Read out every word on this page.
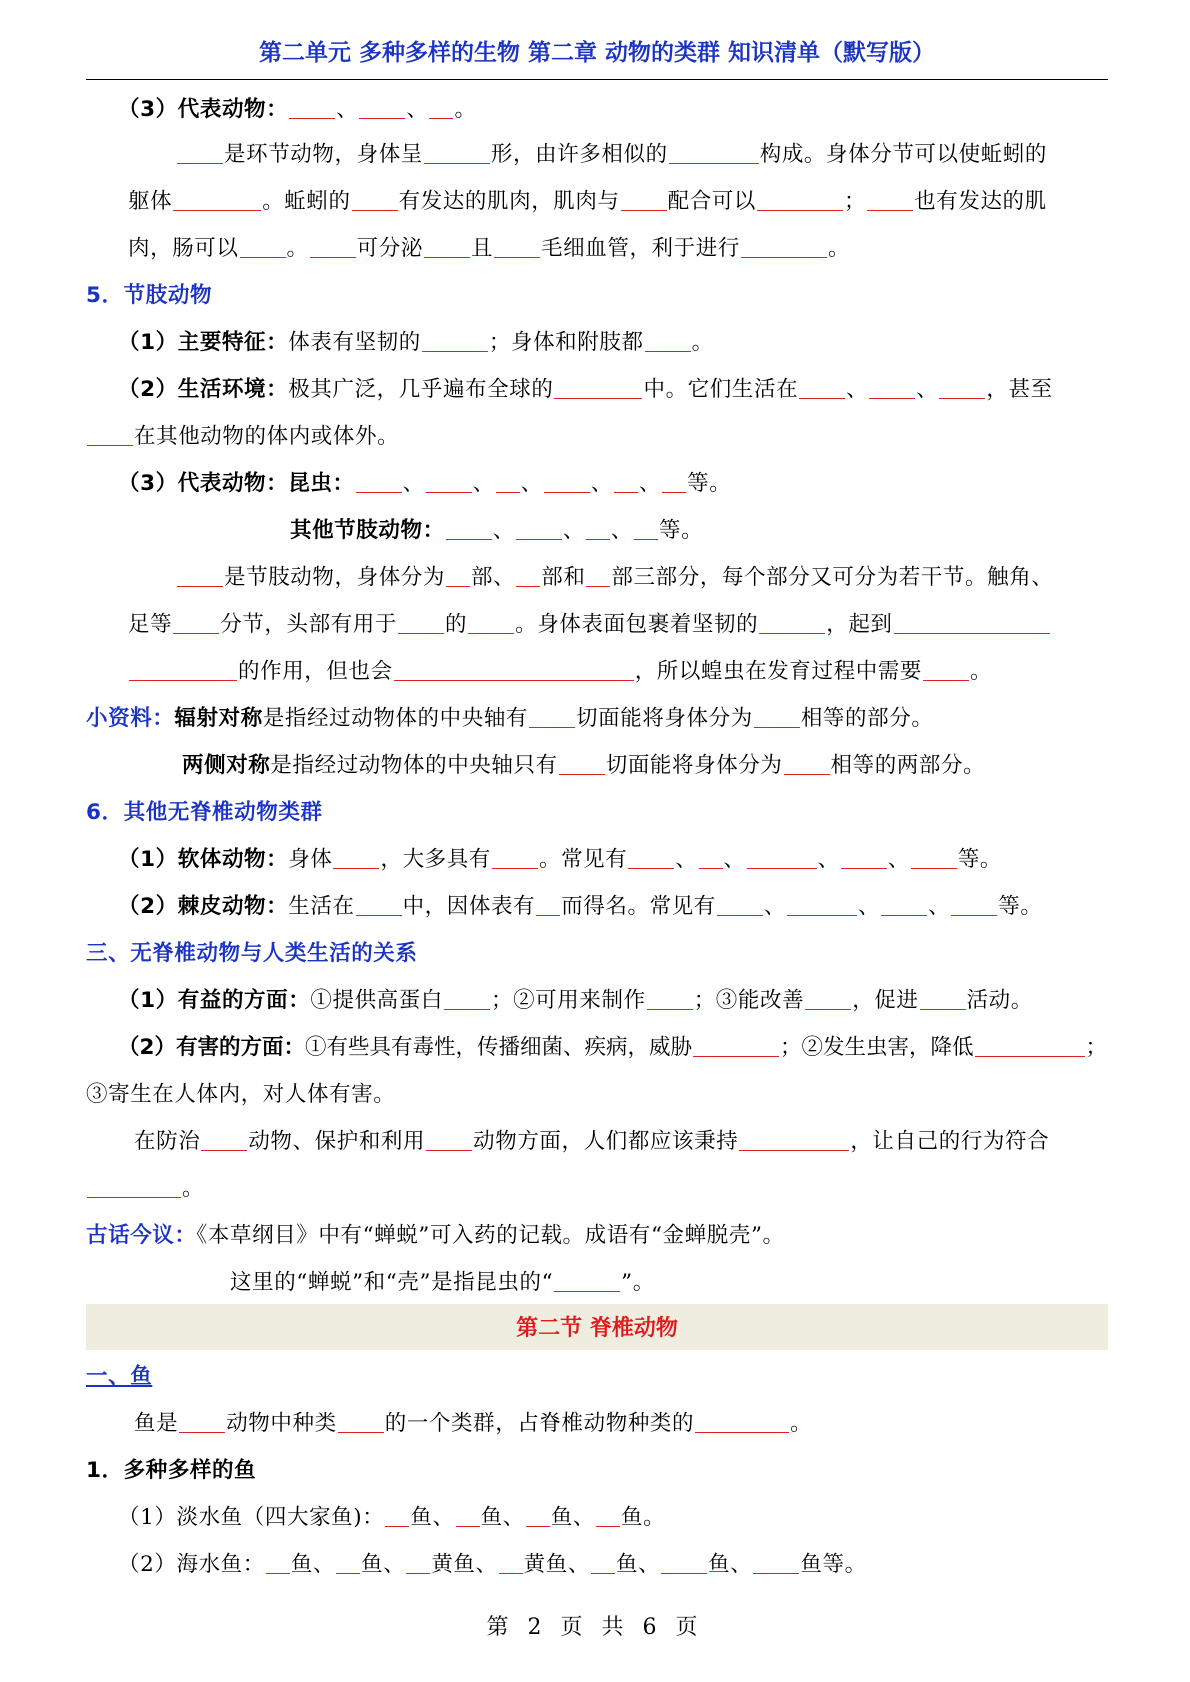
第二单元 多种多样的生物 第二章 动物的类群 知识清单（默写版）
（3）代表动物： 、 、 。
是环节动物，身体呈	形，由许多相似的	构成。身体分节可以使蚯蚓的
躯体	。蚯蚓的 有发达的肌肉，肌肉与 配合可以	； 也有发达的肌
肉，肠可以 。 可分泌 且 毛细血管，利于进行	。
5．节肢动物
（1）主要特征：体表有坚韧的	；身体和附肢都 。
（2）生活环境：极其广泛，几乎遍布全球的	中。它们生活在 、 、 ，甚至
在其他动物的体内或体外。
（3）代表动物：昆虫： 、 、 、 、 、 等。
其他节肢动物： 、 、 、 等。
是节肢动物，身体分为 部、 部和 部三部分，每个部分又可分为若干节。触角、
足等 分节，头部有用于 的 。身体表面包裹着坚韧的	，起到
的作用，但也会	，所以蝗虫在发育过程中需要 。
小资料：辐射对称是指经过动物体的中央轴有 切面能将身体分为 相等的部分。
两侧对称是指经过动物体的中央轴只有 切面能将身体分为 相等的两部分。
6．其他无脊椎动物类群
（1）软体动物：身体 ，大多具有 。常见有 、 、	、 、 等。
（2）棘皮动物：生活在 中，因体表有 而得名。常见有 、	、 、 等。
三、无脊椎动物与人类生活的关系
（1）有益的方面：①提供高蛋白 ；②可用来制作 ；③能改善 ，促进 活动。
（2）有害的方面：①有些具有毒性，传播细菌、疾病，威胁	；②发生虫害，降低	；
③寄生在人体内，对人体有害。
在防治 动物、保护和利用 动物方面，人们都应该秉持	，让自己的行为符合
。
古话今议：《本草纲目》中有“蝉蜕”可入药的记载。成语有“金蝉脱壳”。
这里的“蝉蜕”和“壳”是指昆虫的“	”。
第二节 脊椎动物
一、鱼
鱼是 动物中种类 的一个类群，占脊椎动物种类的	。
1．多种多样的鱼
（1）淡水鱼（四大家鱼)： 鱼、 鱼、 鱼、 鱼。
（2）海水鱼： 鱼、 鱼、 黄鱼、 黄鱼、 鱼、 鱼、 鱼等。
第 2 页 共 6 页
